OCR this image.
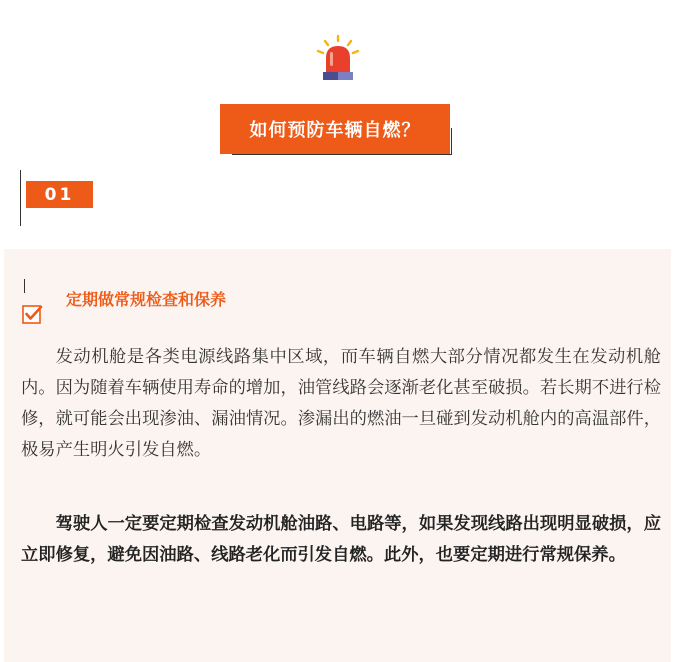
如何预防车辆自燃？
01
定期做常规检查和保养

发动机舱是各类电源线路集中区域，而车辆自燃大部分情况都发生在发动机舱内。因为随着车辆使用寿命的增加，油管线路会逐渐老化甚至破损。若长期不进行检修，就可能会出现渗油、漏油情况。渗漏出的燃油一旦碰到发动机舱内的高温部件，极易产生明火引发自燃。

驾驶人一定要定期检查发动机舱油路、电路等，如果发现线路出现明显破损，应立即修复，避免因油路、线路老化而引发自燃。此外，也要定期进行常规保养。
